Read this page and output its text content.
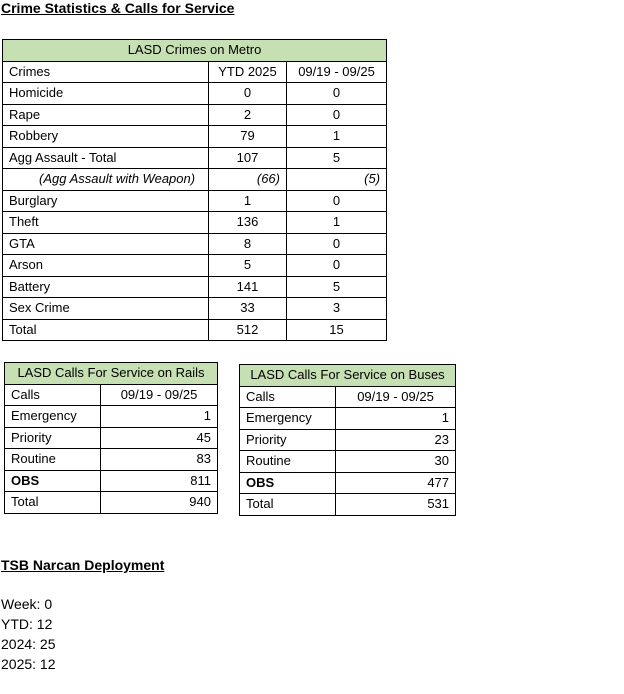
Crime Statistics & Calls for Service
LASD Crimes on Metro		
Crimes	YTD 2025	09/19 - 09/25
Homicide	0	0
Rape	2	0
Robbery	79	1
Agg Assault - Total	107	5
(Agg Assault with Weapon)	(66)	(5)
Burglary	1	0
Theft	136	1
GTA	8	0
Arson	5	0
Battery	141	5
Sex Crime	33	3
Total	512	15
LASD Calls For Service on Rails	
Calls	09/19 - 09/25
Emergency	1
Priority	45
Routine	83
OBS	811
Total	940
LASD Calls For Service on Buses	
Calls	09/19 - 09/25
Emergency	1
Priority	23
Routine	30
OBS	477
Total	531
TSB Narcan Deployment
Week: 0
YTD: 12
2024: 25
2025: 12
